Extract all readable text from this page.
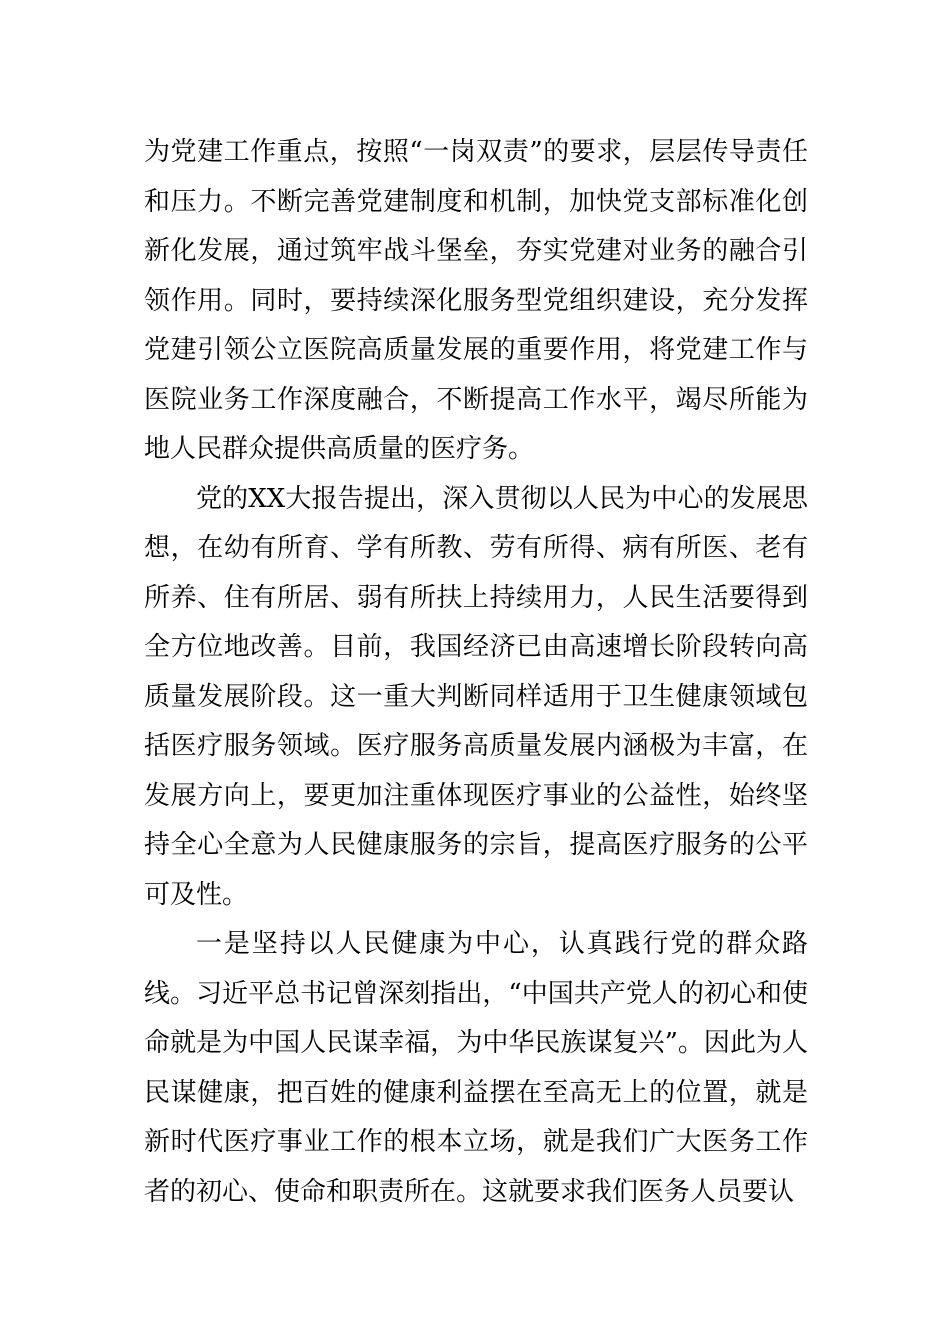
为党建工作重点，按照“一岗双责”的要求，层层传导责任和压力。不断完善党建制度和机制，加快党支部标准化创新化发展，通过筑牢战斗堡垒，夯实党建对业务的融合引领作用。同时，要持续深化服务型党组织建设，充分发挥党建引领公立医院高质量发展的重要作用，将党建工作与医院业务工作深度融合，不断提高工作水平，竭尽所能为地人民群众提供高质量的医疗务。

党的XX大报告提出，深入贯彻以人民为中心的发展思想，在幼有所育、学有所教、劳有所得、病有所医、老有所养、住有所居、弱有所扶上持续用力，人民生活要得到全方位地改善。目前，我国经济已由高速增长阶段转向高质量发展阶段。这一重大判断同样适用于卫生健康领域包括医疗服务领域。医疗服务高质量发展内涵极为丰富，在发展方向上，要更加注重体现医疗事业的公益性，始终坚持全心全意为人民健康服务的宗旨，提高医疗服务的公平可及性。

一是坚持以人民健康为中心，认真践行党的群众路线。习近平总书记曾深刻指出，“中国共产党人的初心和使命就是为中国人民谋幸福，为中华民族谋复兴”。因此为人民谋健康，把百姓的健康利益摆在至高无上的位置，就是新时代医疗事业工作的根本立场，就是我们广大医务工作者的初心、使命和职责所在。这就要求我们医务人员要认
